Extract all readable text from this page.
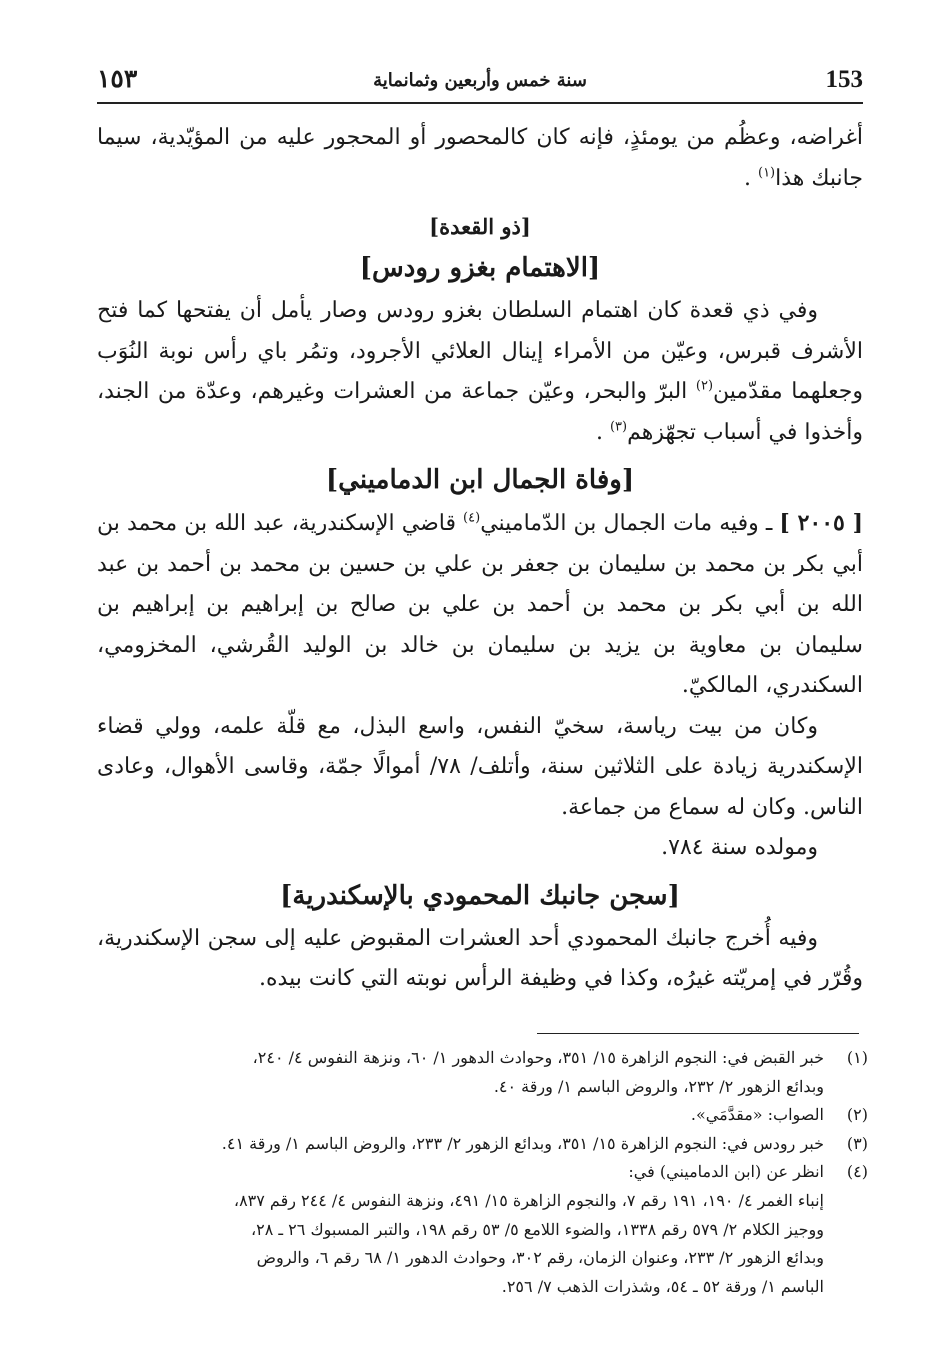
153
سنة خمس وأربعين وثمانماية
١٥٣

أغراضه، وعظُم من يومئذٍ، فإنه كان كالمحصور أو المحجور عليه من المؤيّدية، سيما جانبك هذا$^{(١)}$ .

[ذو القعدة]
[الاهتمام بغزو رودس]

وفي ذي قعدة كان اهتمام السلطان بغزو رودس وصار يأمل أن يفتحها كما فتح الأشرف قبرس، وعيّن من الأمراء إينال العلائي الأجرود، وتمُر باي رأس نوبة النُوَب وجعلهما مقدّمين$^{(٢)}$ البرّ والبحر، وعيّن جماعة من العشرات وغيرهم، وعدّة من الجند، وأخذوا في أسباب تجهّزهم$^{(٣)}$ .

[وفاة الجمال ابن الدماميني]

[ ٢٠٠٥ ] ـ وفيه مات الجمال بن الدّماميني$^{(٤)}$ قاضي الإسكندرية، عبد الله بن محمد بن أبي بكر بن محمد بن سليمان بن جعفر بن علي بن حسين بن محمد بن أحمد بن عبد الله بن أبي بكر بن محمد بن أحمد بن علي بن صالح بن إبراهيم بن إبراهيم بن سليمان بن معاوية بن يزيد بن سليمان بن خالد بن الوليد القُرشي، المخزومي، السكندري، المالكيّ.

وكان من بيت رياسة، سخيّ النفس، واسع البذل، مع قلّة علمه، وولي قضاء الإسكندرية زيادة على الثلاثين سنة، وأتلف/ ٧٨/ أموالًا جمّة، وقاسى الأهوال، وعادى الناس. وكان له سماع من جماعة.

ومولده سنة ٧٨٤.

[سجن جانبك المحمودي بالإسكندرية]

وفيه أُخرج جانبك المحمودي أحد العشرات المقبوض عليه إلى سجن الإسكندرية، وقُرّر في إمريّته غيرُه، وكذا في وظيفة الرأس نوبته التي كانت بيده.

(١)
خبر القبض في: النجوم الزاهرة ١٥/ ٣٥١، وحوادث الدهور ١/ ٦٠، ونزهة النفوس ٤/ ٢٤٠،
وبدائع الزهور ٢/ ٢٣٢، والروض الباسم ١/ ورقة ٤٠.
(٢)
الصواب: «مقدَّمَي».
(٣)
خبر رودس في: النجوم الزاهرة ١٥/ ٣٥١، وبدائع الزهور ٢/ ٢٣٣، والروض الباسم ١/ ورقة ٤١.
(٤)
انظر عن (ابن الدماميني) في:
إنباء الغمر ٤/ ١٩٠، ١٩١ رقم ٧، والنجوم الزاهرة ١٥/ ٤٩١، ونزهة النفوس ٤/ ٢٤٤ رقم ٨٣٧،
ووجيز الكلام ٢/ ٥٧٩ رقم ١٣٣٨، والضوء اللامع ٥/ ٥٣ رقم ١٩٨، والتبر المسبوك ٢٦ ـ ٢٨،
وبدائع الزهور ٢/ ٢٣٣، وعنوان الزمان، رقم ٣٠٢، وحوادث الدهور ١/ ٦٨ رقم ٦، والروض
الباسم ١/ ورقة ٥٢ ـ ٥٤، وشذرات الذهب ٧/ ٢٥٦.
